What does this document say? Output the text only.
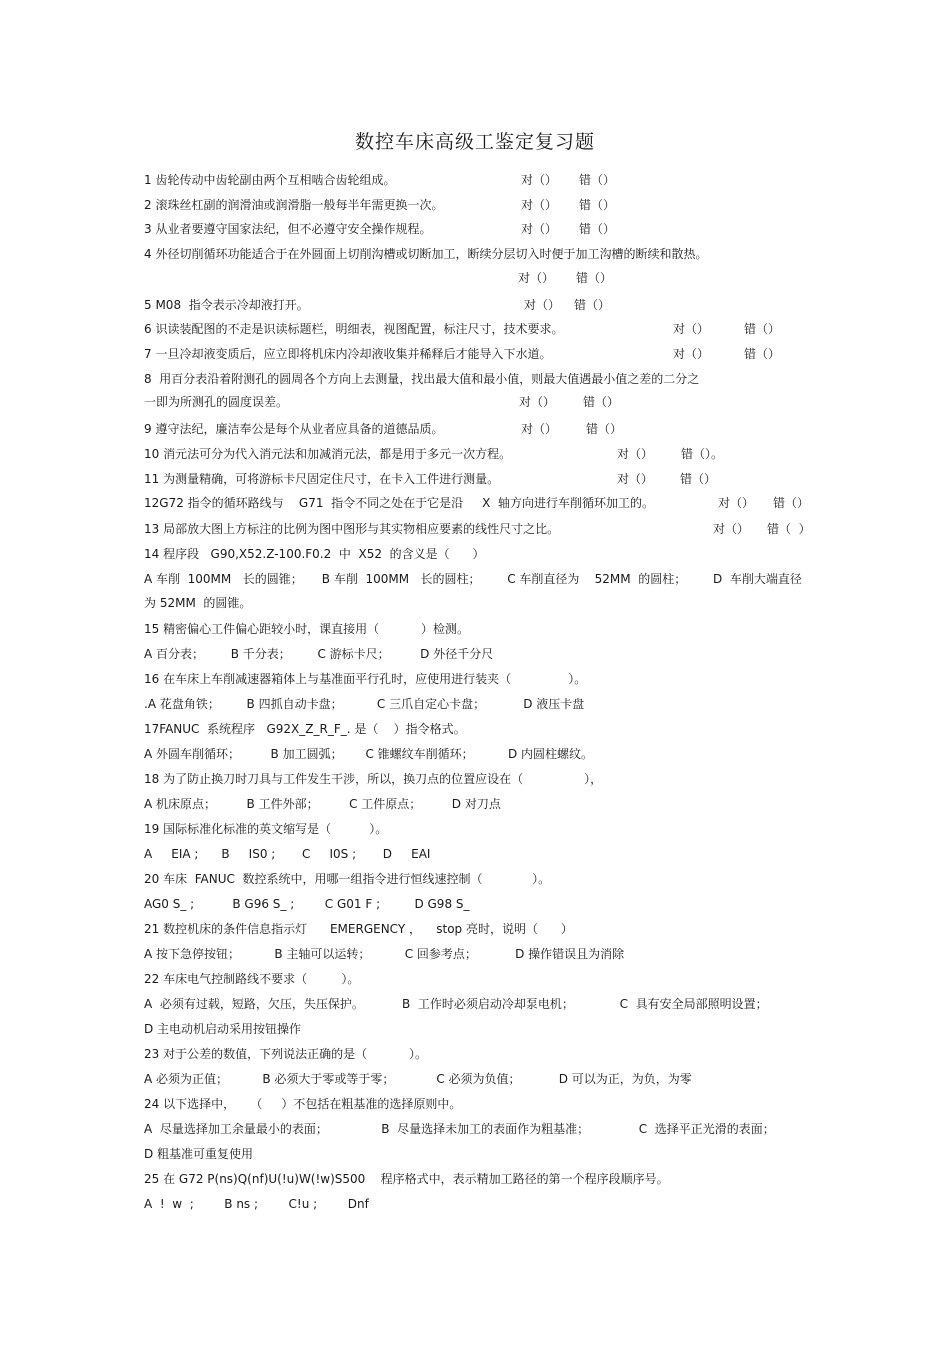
数控车床高级工鉴定复习题
1 齿轮传动中齿轮副由两个互相啮合齿轮组成。	对（） 错（）
2 滚珠丝杠副的润滑油或润滑脂一般每半年需更换一次。	对（） 错（）
3 从业者要遵守国家法纪，但不必遵守安全操作规程。	对（） 错（）
4 外径切削循环功能适合于在外圆面上切削沟槽或切断加工，断续分层切入时便于加工沟槽的断续和散热。
对（） 错（）
5 M08  指令表示冷却液打开。	对（） 错（）
6 识读装配图的不走是识读标题栏，明细表，视图配置，标注尺寸，技术要求。	对（）	错（）
7 一旦冷却液变质后，应立即将机床内冷却液收集并稀释后才能导入下水道。	对（）	错（）
8  用百分表沿着附测孔的圆周各个方向上去测量，找出最大值和最小值，则最大值遇最小值之差的二分之
一即为所测孔的圆度误差。	对（） 错（）
9 遵守法纪，廉洁奉公是每个从业者应具备的道德品质。	对（） 错（）
10 消元法可分为代入消元法和加减消元法，都是用于多元一次方程。	对（） 错（）。
11 为测量精确，可将游标卡尺固定住尺寸，在卡入工件进行测量。	对（） 错（）
12G72 指令的循环路线与    G71  指令不同之处在于它是沿     X  轴方向进行车削循环加工的。	对（） 错（）
13 局部放大图上方标注的比例为图中图形与其实物相应要素的线性尺寸之比。	对（） 错（  ）
14 程序段   G90,X52.Z-100.F0.2  中  X52  的含义是（      ）
A 车削  100MM   长的圆锥；     B 车削  100MM   长的圆柱；       C 车削直径为    52MM  的圆柱；       D  车削大端直径
为 52MM  的圆锥。
15 精密偏心工件偏心距较小时，课直接用（           ）检测。
A 百分表；       B 千分表；       C 游标卡尺；        D 外径千分尺
16 在车床上车削减速器箱体上与基准面平行孔时，应使用进行装夹（               ）。
.A 花盘角铁；       B 四抓自动卡盘；         C 三爪自定心卡盘；          D 液压卡盘
17FANUC  系统程序   G92X_Z_R_F_. 是（    ）指令格式。
A 外圆车削循环；        B 加工圆弧；      C 锥螺纹车削循环；         D 内圆柱螺纹。
18 为了防止换刀时刀具与工件发生干涉，所以，换刀点的位置应设在（                ），
A 机床原点；        B 工件外部；        C 工件原点；        D 对刀点
19 国际标准化标准的英文缩写是（          ）。
A     EIA ;      B     IS0 ;       C     I0S ;       D     EAI
20 车床  FANUC  数控系统中，用哪一组指令进行恒线速控制（             ）。
AG0 S_ ;          B G96 S_ ;        C G01 F ;         D G98 S_
21 数控机床的条件信息指示灯      EMERGENCY ，    stop 亮时，说明（      ）
A 按下急停按钮；         B 主轴可以运转；         C 回参考点；          D 操作错误且为消除
22 车床电气控制路线不要求（         ）。
A  必须有过载，短路，欠压，失压保护。          B  工作时必须启动冷却泵电机；            C  具有安全局部照明设置；
D 主电动机启动采用按钮操作
23 对于公差的数值，下列说法正确的是（           ）。
A 必须为正值；         B 必须大于零或等于零；           C 必须为负值；          D 可以为正，为负，为零
24 以下选择中，    （     ）不包括在粗基准的选择原则中。
A  尽量选择加工余量最小的表面；              B  尽量选择未加工的表面作为粗基准；             C  选择平正光滑的表面；
D 粗基准可重复使用
25 在 G72 P(ns)Q(nf)U(!u)W(!w)S500    程序格式中，表示精加工路径的第一个程序段顺序号。
A  !  w  ;        B ns ;        C!u ;        Dnf
